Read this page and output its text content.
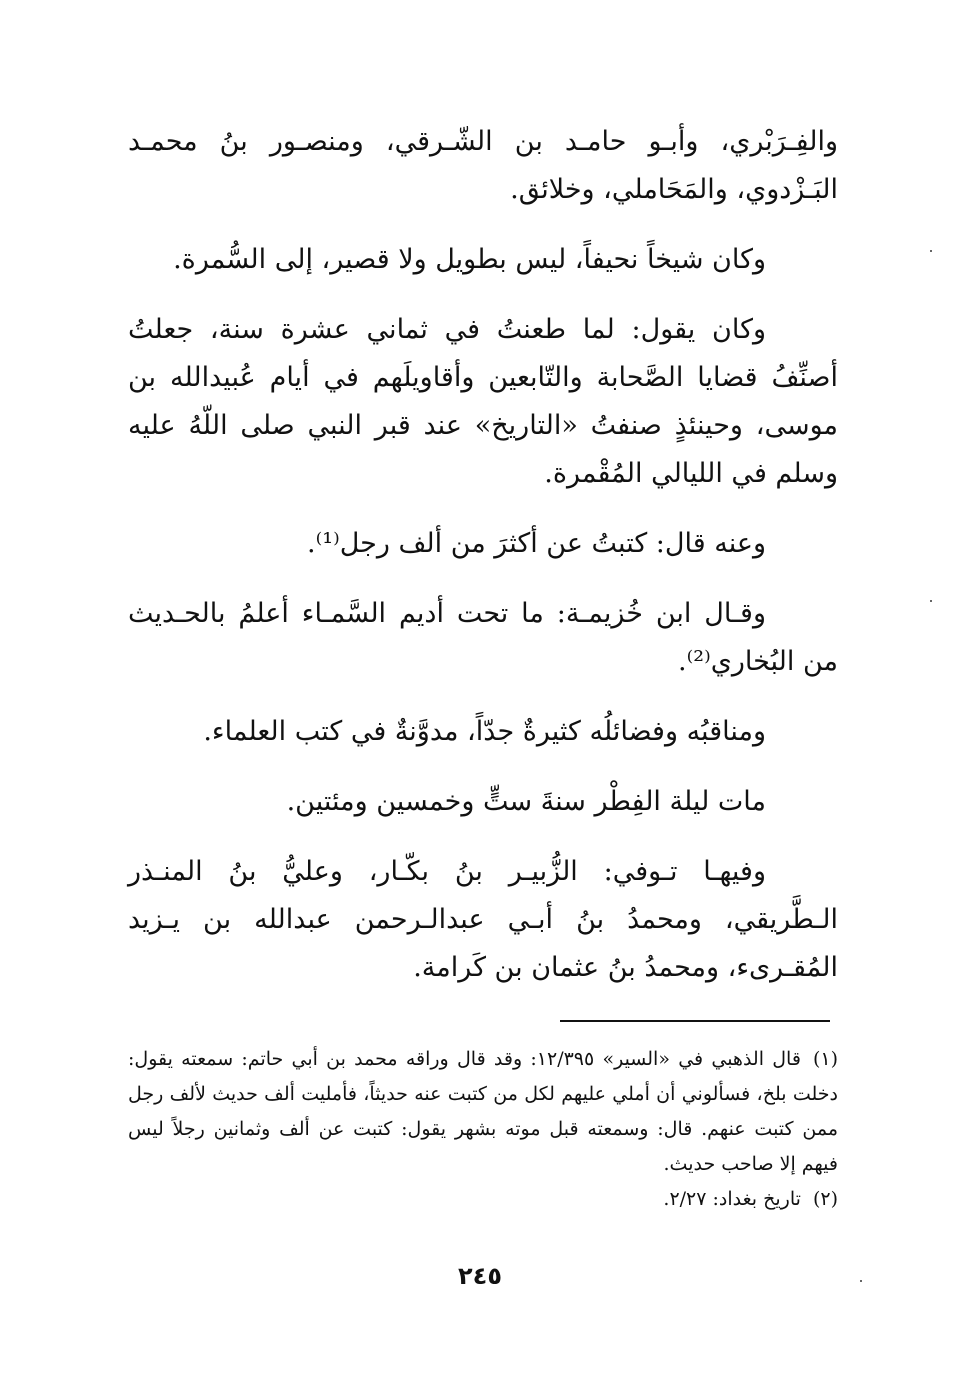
والفِـرَبْري، وأبـو حامـد بن الشّـرقي، ومنصـور بنُ محمـد البَـزْدوي، والمَحَاملي، وخلائق.

وكان شيخاً نحيفاً، ليس بطويل ولا قصير، إلى السُّمرة.

وكان يقول: لما طعنتُ في ثماني عشرة سنة، جعلتُ أصنِّفُ قضايا الصَّحابة والتّابعين وأقاويلَهم في أيام عُبيدالله بن موسى، وحينئذٍ صنفتُ «التاريخ» عند قبر النبي صلى اللّهُ عليه وسلم في الليالي المُقْمرة.

وعنه قال: كتبتُ عن أكثرَ من ألف رجل⁽¹⁾.

وقـال ابن خُزيمـة: ما تحت أديم السَّمـاء أعلمُ بالحـديث من البُخاري⁽²⁾.

ومناقبُه وفضائلُه كثيرةٌ جدّاً، مدوَّنةٌ في كتب العلماء.

مات ليلة الفِطْر سنةَ ستٍّ وخمسين ومئتين.

وفيهـا تـوفي: الزُّبيـر بنُ بكّـار، وعليُّ بنُ المنـذر الـطَّريقي، ومحمدُ بنُ أبـي عبدالـرحمن عبدالله بن يـزيد المُقـرىء، ومحمدُ بنُ عثمان بن كَرامة.

(١)قال الذهبي في «السير» ١٢/٣٩٥: وقد قال وراقه محمد بن أبي حاتم: سمعته يقول: دخلت بلخ، فسألوني أن أملي عليهم لكل من كتبت عنه حديثاً، فأمليت ألف حديث لألف رجل ممن كتبت عنهم. قال: وسمعته قبل موته بشهر يقول: كتبت عن ألف وثمانين رجلاً ليس فيهم إلا صاحب حديث.

(٢)تاريخ بغداد: ٢/٢٧.

٢٤٥
